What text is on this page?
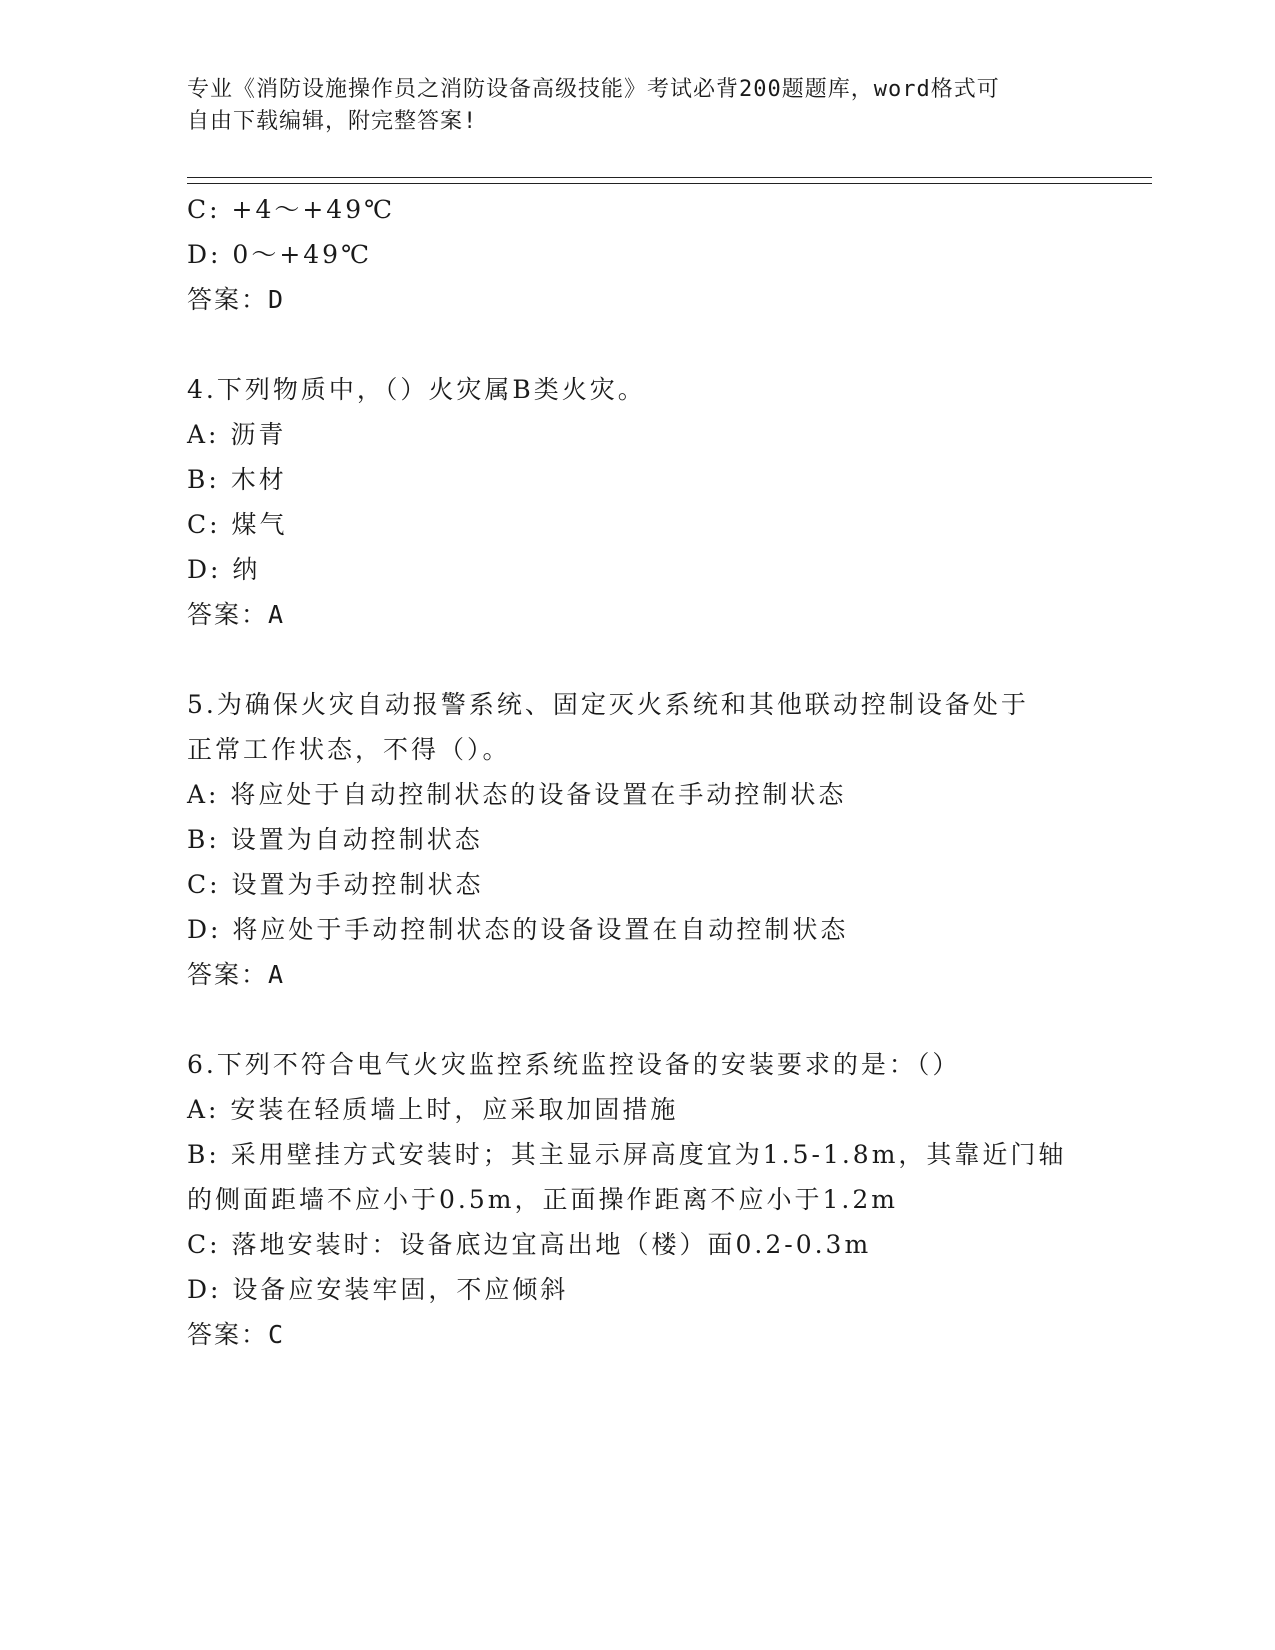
专业《消防设施操作员之消防设备高级技能》考试必背200题题库，word格式可
自由下载编辑，附完整答案!
C: +4～+49℃
D: 0～+49℃
答案：D
4.下列物质中，（）火灾属B类火灾。
A: 沥青
B: 木材
C: 煤气
D: 纳
答案：A
5.为确保火灾自动报警系统、固定灭火系统和其他联动控制设备处于
正常工作状态，不得（）。
A: 将应处于自动控制状态的设备设置在手动控制状态
B: 设置为自动控制状态
C: 设置为手动控制状态
D: 将应处于手动控制状态的设备设置在自动控制状态
答案：A
6.下列不符合电气火灾监控系统监控设备的安装要求的是：（）
A: 安装在轻质墙上时，应采取加固措施
B: 采用壁挂方式安装时；其主显示屏高度宜为1.5-1.8m，其靠近门轴
的侧面距墙不应小于0.5m，正面操作距离不应小于1.2m
C: 落地安装时：设备底边宜高出地（楼）面0.2-0.3m
D: 设备应安装牢固，不应倾斜
答案：C
